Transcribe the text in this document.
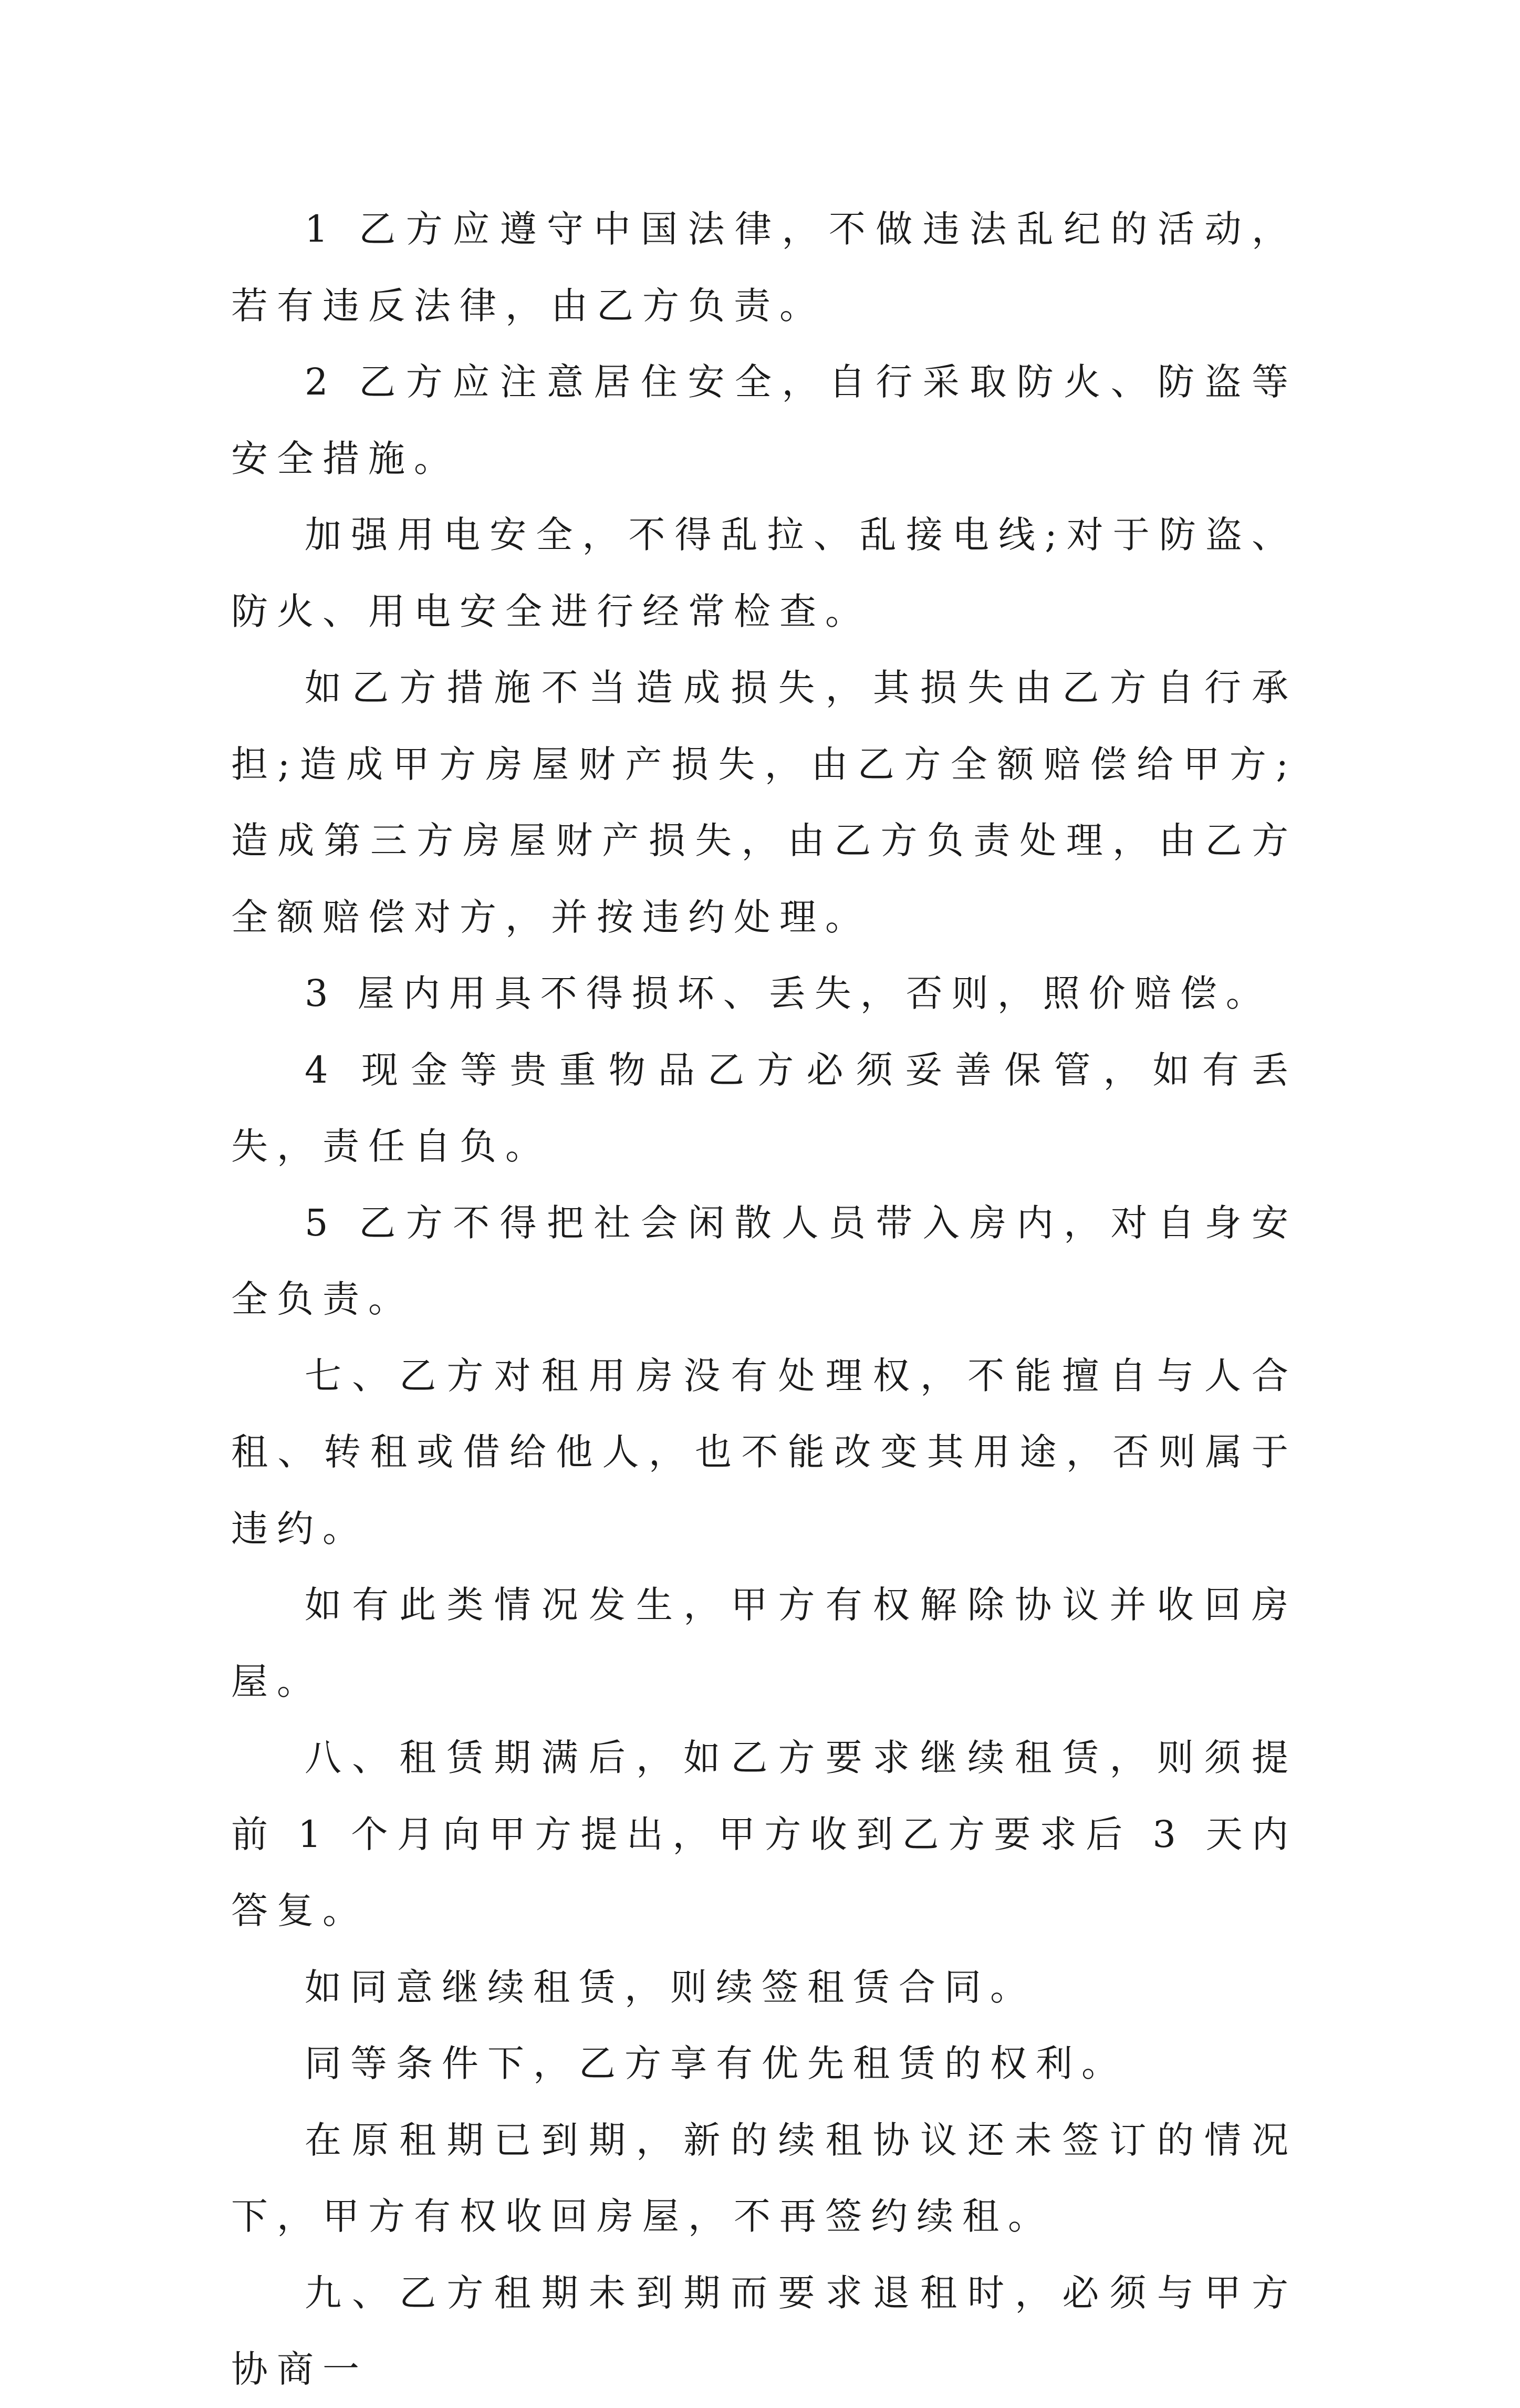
1 乙方应遵守中国法律，不做违法乱纪的活动，若有违反法律，由乙方负责。

2 乙方应注意居住安全，自行采取防火、防盗等安全措施。

加强用电安全，不得乱拉、乱接电线;对于防盗、防火、用电安全进行经常检查。

如乙方措施不当造成损失，其损失由乙方自行承担;造成甲方房屋财产损失，由乙方全额赔偿给甲方;造成第三方房屋财产损失，由乙方负责处理，由乙方全额赔偿对方，并按违约处理。

3 屋内用具不得损坏、丢失，否则，照价赔偿。

4 现金等贵重物品乙方必须妥善保管，如有丢失，责任自负。

5 乙方不得把社会闲散人员带入房内，对自身安全负责。

七、乙方对租用房没有处理权，不能擅自与人合租、转租或借给他人，也不能改变其用途，否则属于违约。

如有此类情况发生，甲方有权解除协议并收回房屋。

八、租赁期满后，如乙方要求继续租赁，则须提前 1 个月向甲方提出，甲方收到乙方要求后 3 天内答复。

如同意继续租赁，则续签租赁合同。

同等条件下，乙方享有优先租赁的权利。

在原租期已到期，新的续租协议还未签订的情况下，甲方有权收回房屋，不再签约续租。

九、乙方租期未到期而要求退租时，必须与甲方协商一
